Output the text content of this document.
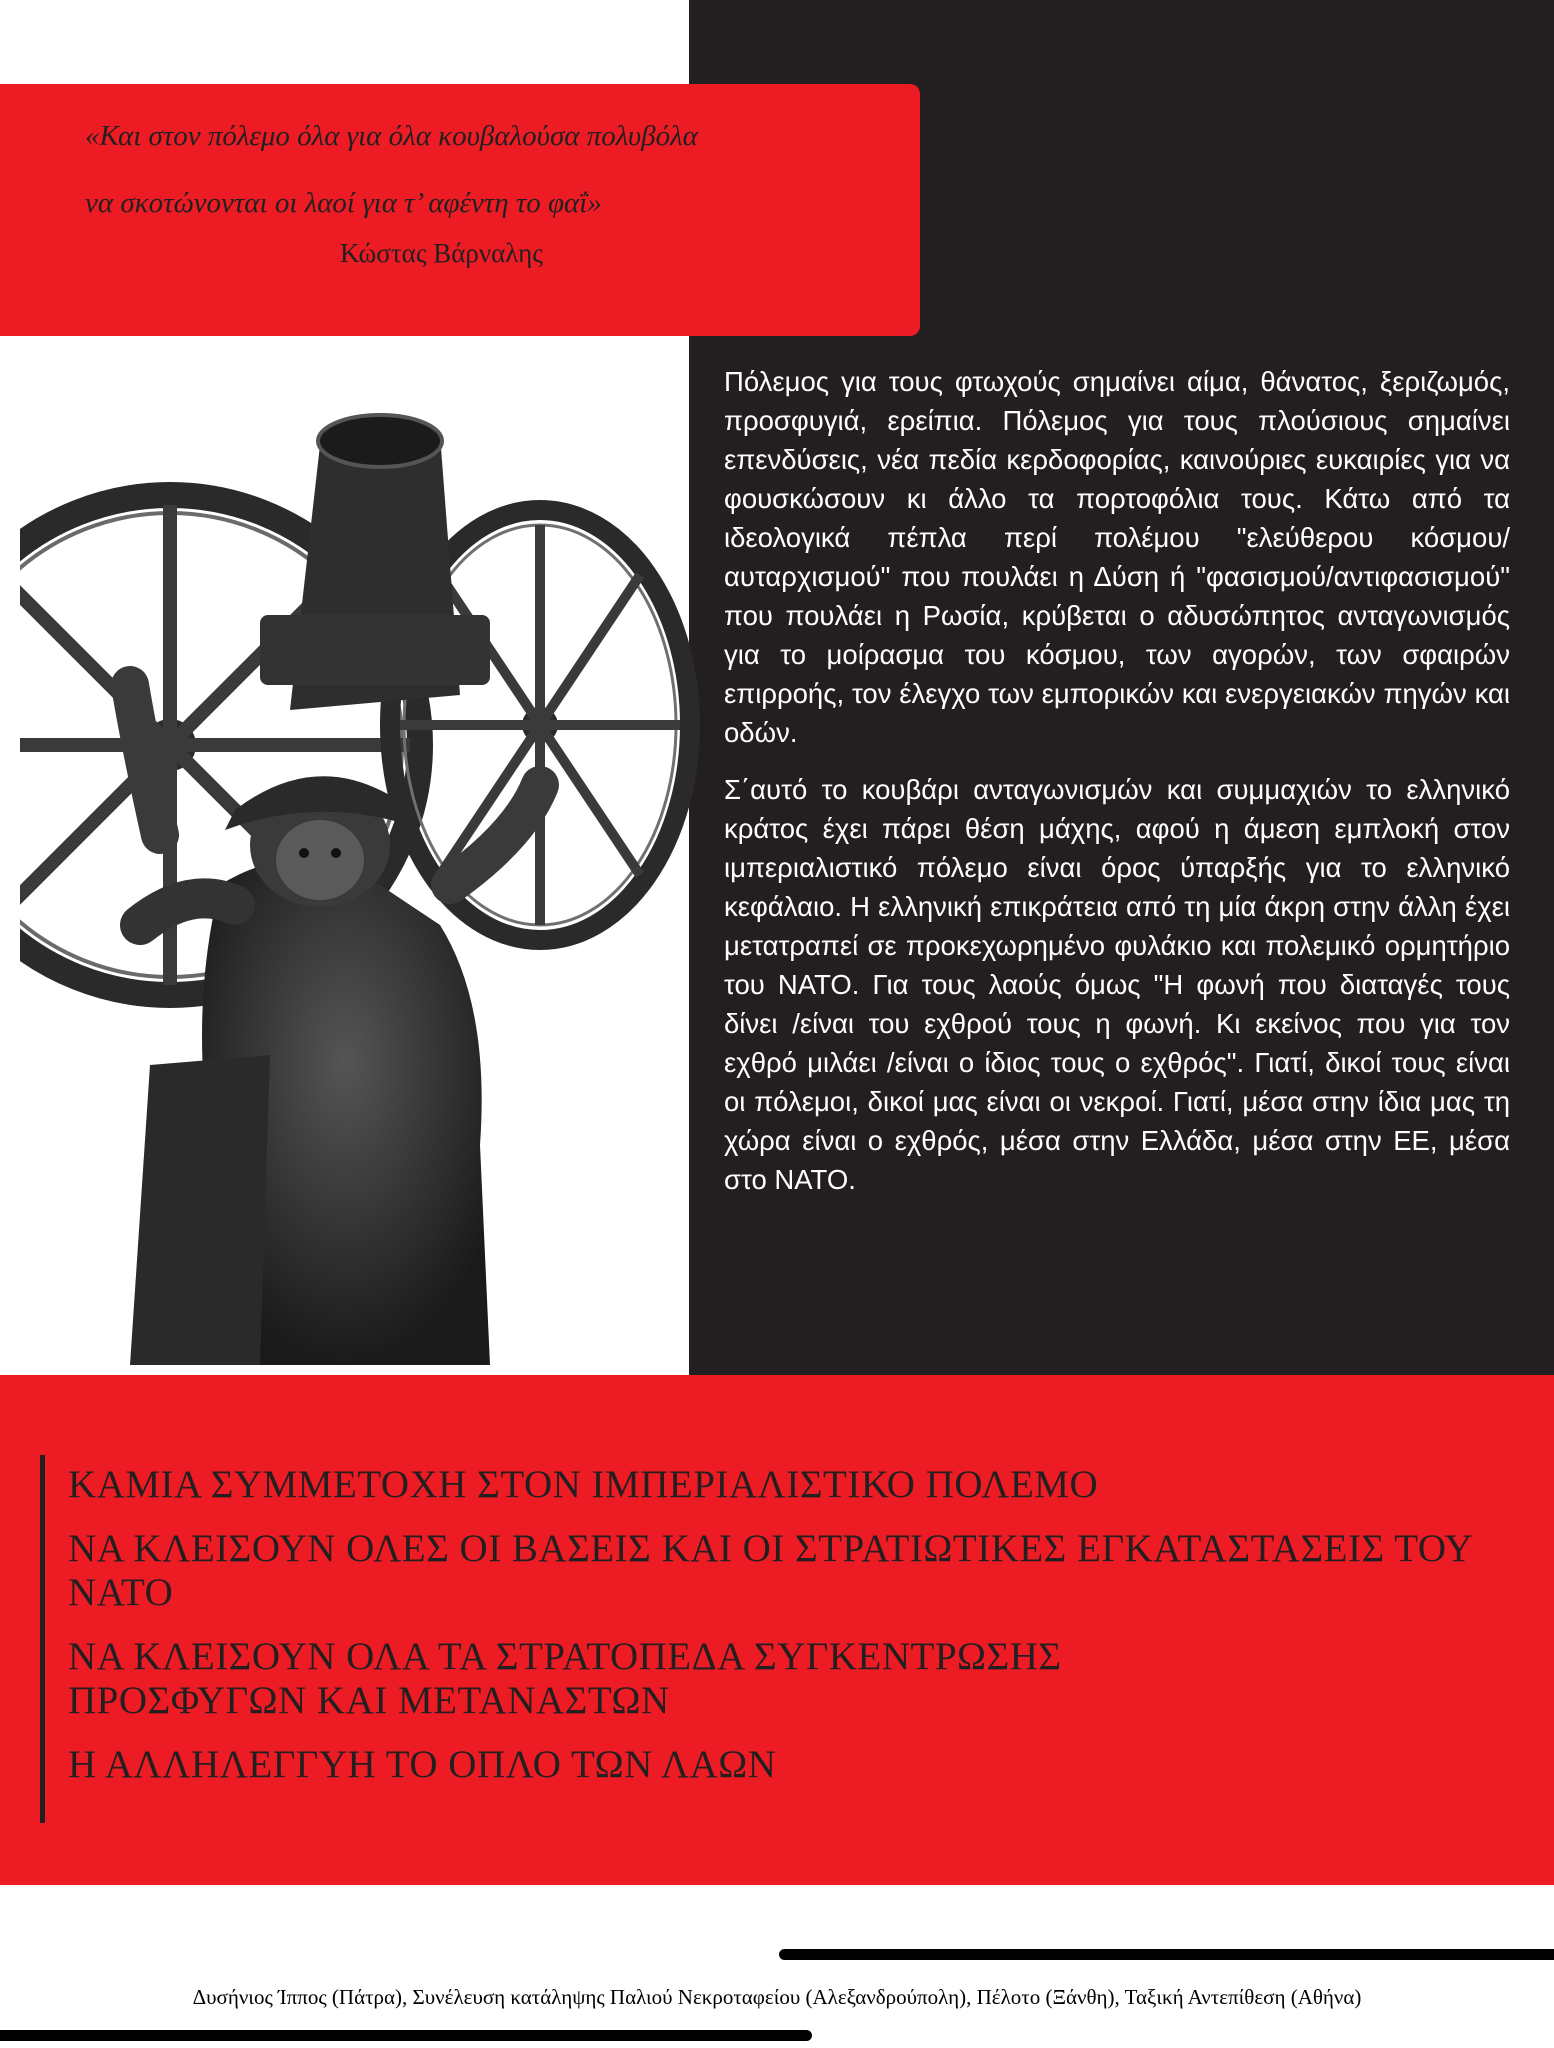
«Και στον πόλεμο όλα για όλα κουβαλούσα πολυβόλα
να σκοτώνονται οι λαοί για τ’ αφέντη το φαΐ»
Κώστας Βάρναλης

Πόλεμος για τους φτωχούς σημαίνει αίμα, θάνατος, ξεριζωμός, προσφυγιά, ερείπια. Πόλεμος για τους πλούσιους σημαίνει επενδύσεις, νέα πεδία κερδοφορίας, καινούριες ευκαιρίες για να φουσκώσουν κι άλλο τα πορτοφόλια τους. Κάτω από τα ιδεολογικά πέπλα περί πολέμου "ελεύθερου κόσμου/αυταρχισμού" που πουλάει η Δύση ή "φασισμού/αντιφασισμού" που πουλάει η Ρωσία, κρύβεται ο αδυσώπητος ανταγωνισμός για το μοίρασμα του κόσμου, των αγορών, των σφαιρών επιρροής, τον έλεγχο των εμπορικών και ενεργειακών πηγών και οδών.

Σ΄αυτό το κουβάρι ανταγωνισμών και συμμαχιών το ελληνικό κράτος έχει πάρει θέση μάχης, αφού η άμεση εμπλοκή στον ιμπεριαλιστικό πόλεμο είναι όρος ύπαρξής για το ελληνικό κεφάλαιο. Η ελληνική επικράτεια από τη μία άκρη στην άλλη έχει μετατραπεί σε προκεχωρημένο φυλάκιο και πολεμικό ορμητήριο του ΝΑΤΟ. Για τους λαούς όμως "Η φωνή που διαταγές τους δίνει /είναι του εχθρού τους η φωνή. Κι εκείνος που για τον εχθρό μιλάει /είναι ο ίδιος τους ο εχθρός". Γιατί, δικοί τους είναι οι πόλεμοι, δικοί μας είναι οι νεκροί. Γιατί, μέσα στην ίδια μας τη χώρα είναι ο εχθρός, μέσα στην Ελλάδα, μέσα στην ΕΕ, μέσα στο ΝΑΤΟ.

ΚΑΜΙΑ ΣΥΜΜΕΤΟΧΗ ΣΤΟΝ ΙΜΠΕΡΙΑΛΙΣΤΙΚΟ ΠΟΛΕΜΟ
ΝΑ ΚΛΕΙΣΟΥΝ ΟΛΕΣ ΟΙ ΒΑΣΕΙΣ ΚΑΙ ΟΙ ΣΤΡΑΤΙΩΤΙΚΕΣ ΕΓΚΑΤΑΣΤΑΣΕΙΣ ΤΟΥ ΝΑΤΟ
ΝΑ ΚΛΕΙΣΟΥΝ ΟΛΑ ΤΑ ΣΤΡΑΤΟΠΕΔΑ ΣΥΓΚΕΝΤΡΩΣΗΣ ΠΡΟΣΦΥΓΩΝ ΚΑΙ ΜΕΤΑΝΑΣΤΩΝ
Η ΑΛΛΗΛΕΓΓΥΗ ΤΟ ΟΠΛΟ ΤΩΝ ΛΑΩΝ
Δυσήνιος Ίππος (Πάτρα), Συνέλευση κατάληψης Παλιού Νεκροταφείου (Αλεξανδρούπολη), Πέλοτο (Ξάνθη), Ταξική Αντεπίθεση (Αθήνα)
